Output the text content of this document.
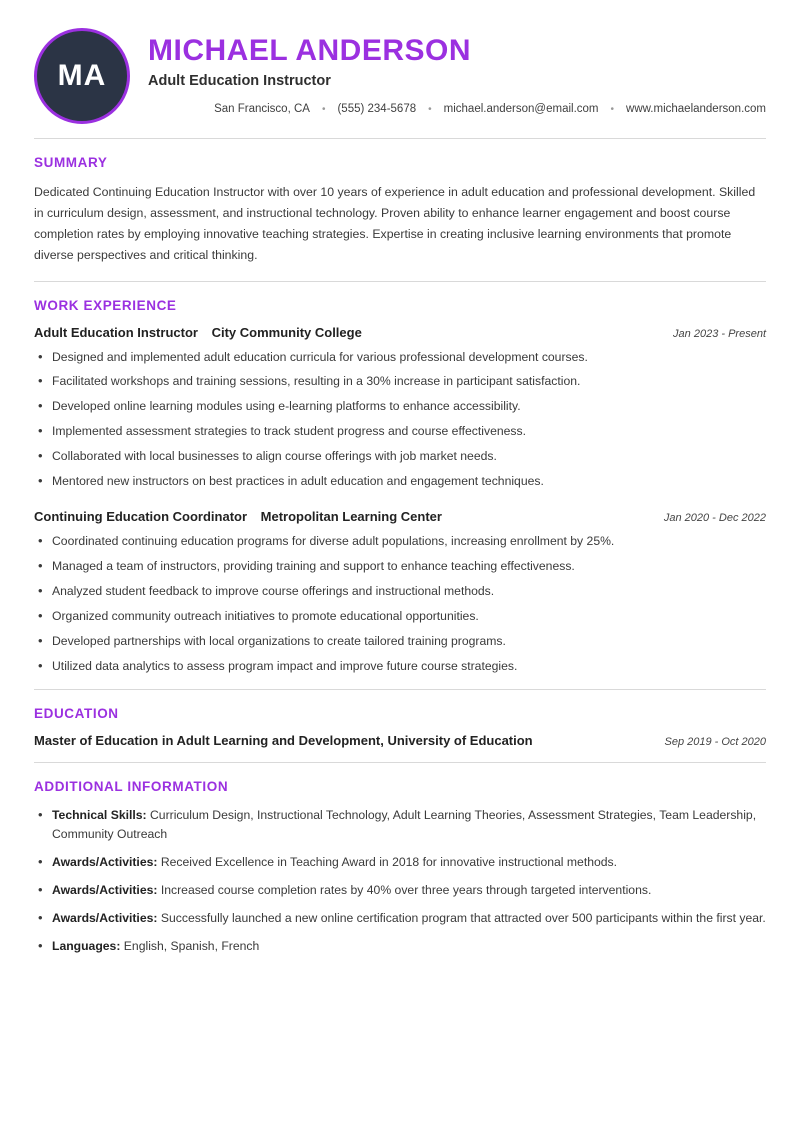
MA
MICHAEL ANDERSON
Adult Education Instructor
San Francisco, CA	•	(555) 234-5678	•	michael.anderson@email.com	•	www.michaelanderson.com
SUMMARY

Dedicated Continuing Education Instructor with over 10 years of experience in adult education and professional development. Skilled in curriculum design, assessment, and instructional technology. Proven ability to enhance learner engagement and boost course completion rates by employing innovative teaching strategies. Expertise in creating inclusive learning environments that promote diverse perspectives and critical thinking.

WORK EXPERIENCE
Adult Education Instructor City Community College	Jan 2023 - Present
• Designed and implemented adult education curricula for various professional development courses.
• Facilitated workshops and training sessions, resulting in a 30% increase in participant satisfaction.
• Developed online learning modules using e-learning platforms to enhance accessibility.
• Implemented assessment strategies to track student progress and course effectiveness.
• Collaborated with local businesses to align course offerings with job market needs.
• Mentored new instructors on best practices in adult education and engagement techniques.
Continuing Education Coordinator Metropolitan Learning Center	Jan 2020 - Dec 2022
• Coordinated continuing education programs for diverse adult populations, increasing enrollment by 25%.
• Managed a team of instructors, providing training and support to enhance teaching effectiveness.
• Analyzed student feedback to improve course offerings and instructional methods.
• Organized community outreach initiatives to promote educational opportunities.
• Developed partnerships with local organizations to create tailored training programs.
• Utilized data analytics to assess program impact and improve future course strategies.
EDUCATION
Master of Education in Adult Learning and Development, University of Education	Sep 2019 - Oct 2020
ADDITIONAL INFORMATION
• Technical Skills: Curriculum Design, Instructional Technology, Adult Learning Theories, Assessment Strategies, Team Leadership, Community Outreach
• Awards/Activities: Received Excellence in Teaching Award in 2018 for innovative instructional methods.
• Awards/Activities: Increased course completion rates by 40% over three years through targeted interventions.
• Awards/Activities: Successfully launched a new online certification program that attracted over 500 participants within the first year.
• Languages: English, Spanish, French
